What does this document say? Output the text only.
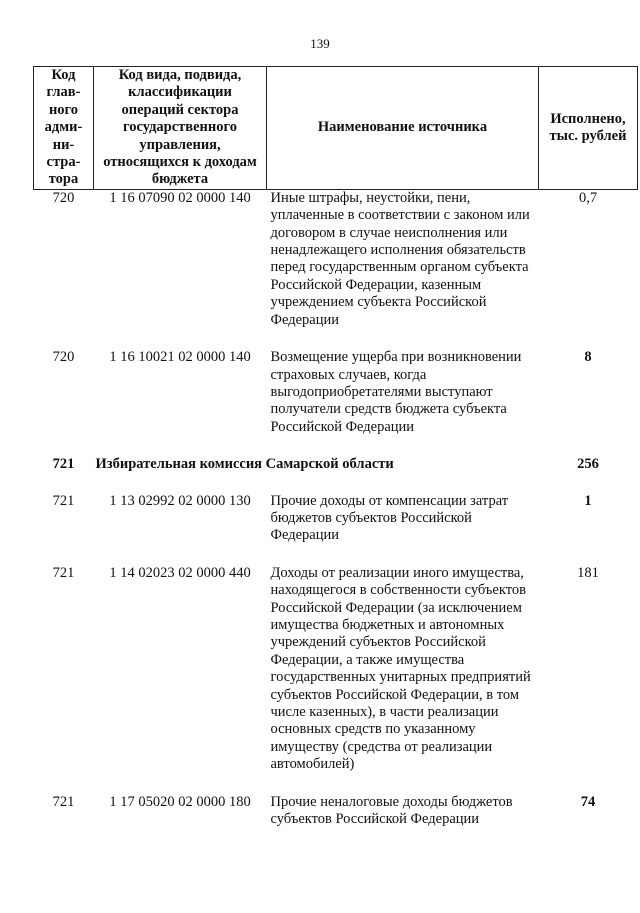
139
Код глав-ного адми-ни-стра-тора	Код вида, подвида, классификации операций сектора государственного управления, относящихся к доходам бюджета	Наименование источника	Исполнено, тыс. рублей
720	1 16 07090 02 0000 140	Иные штрафы, неустойки, пени, уплаченные в соответствии с законом или договором в случае неисполнения или ненадлежащего исполнения обязательств перед государственным органом субъекта Российской Федерации, казенным учреждением субъекта Российской Федерации	0,7

720	1 16 10021 02 0000 140	Возмещение ущерба при возникновении страховых случаев, когда выгодоприобретателями выступают получатели средств бюджета субъекта Российской Федерации	8

721	Избирательная комиссия Самарской области		256

721	1 13 02992 02 0000 130	Прочие доходы от компенсации затрат бюджетов субъектов Российской Федерации	1

721	1 14 02023 02 0000 440	Доходы от реализации иного имущества, находящегося в собственности субъектов Российской Федерации (за исключением имущества бюджетных и автономных учреждений субъектов Российской Федерации, а также имущества государственных унитарных предприятий субъектов Российской Федерации, в том числе казенных), в части реализации основных средств по указанному имуществу (средства от реализации автомобилей)	181

721	1 17 05020 02 0000 180	Прочие неналоговые доходы бюджетов субъектов Российской Федерации	74
